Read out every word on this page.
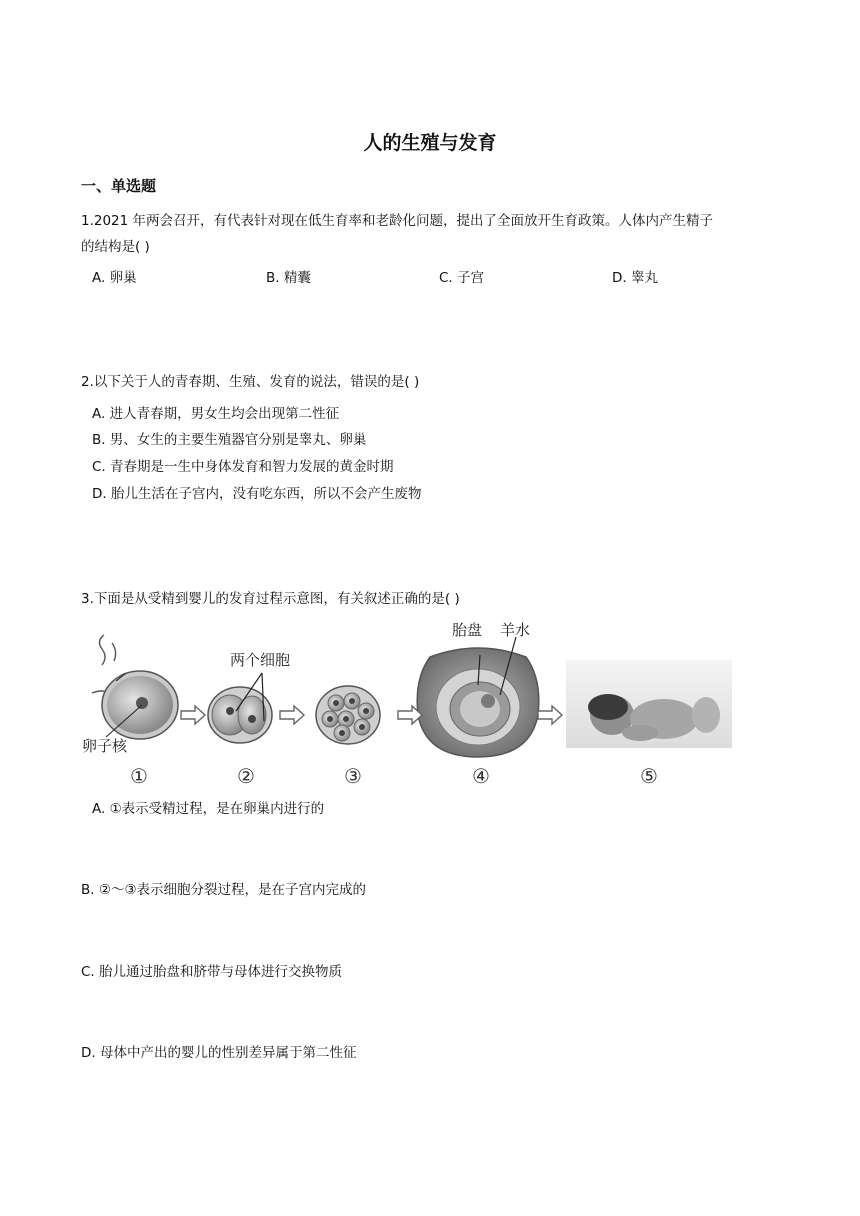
人的生殖与发育
一、单选题
1.2021 年两会召开，有代表针对现在低生育率和老龄化问题，提出了全面放开生育政策。人体内产生精子
的结构是( )
A. 卵巢	B. 精囊	C. 子宫	D. 睾丸
2.以下关于人的青春期、生殖、发育的说法，错误的是( )
A. 进人青春期，男女生均会出现第二性征
B. 男、女生的主要生殖器官分别是睾丸、卵巢
C. 青春期是一生中身体发育和智力发展的黄金时期
D. 胎儿生活在子宫内，没有吃东西，所以不会产生废物
3.下面是从受精到婴儿的发育过程示意图，有关叙述正确的是( )
两个细胞
卵子核
胎盘 羊水
①	②	③	④	⑤
A. ①表示受精过程，是在卵巢内进行的
B. ②～③表示细胞分裂过程，是在子宫内完成的
C. 胎儿通过胎盘和脐带与母体进行交换物质
D. 母体中产出的婴儿的性别差异属于第二性征
